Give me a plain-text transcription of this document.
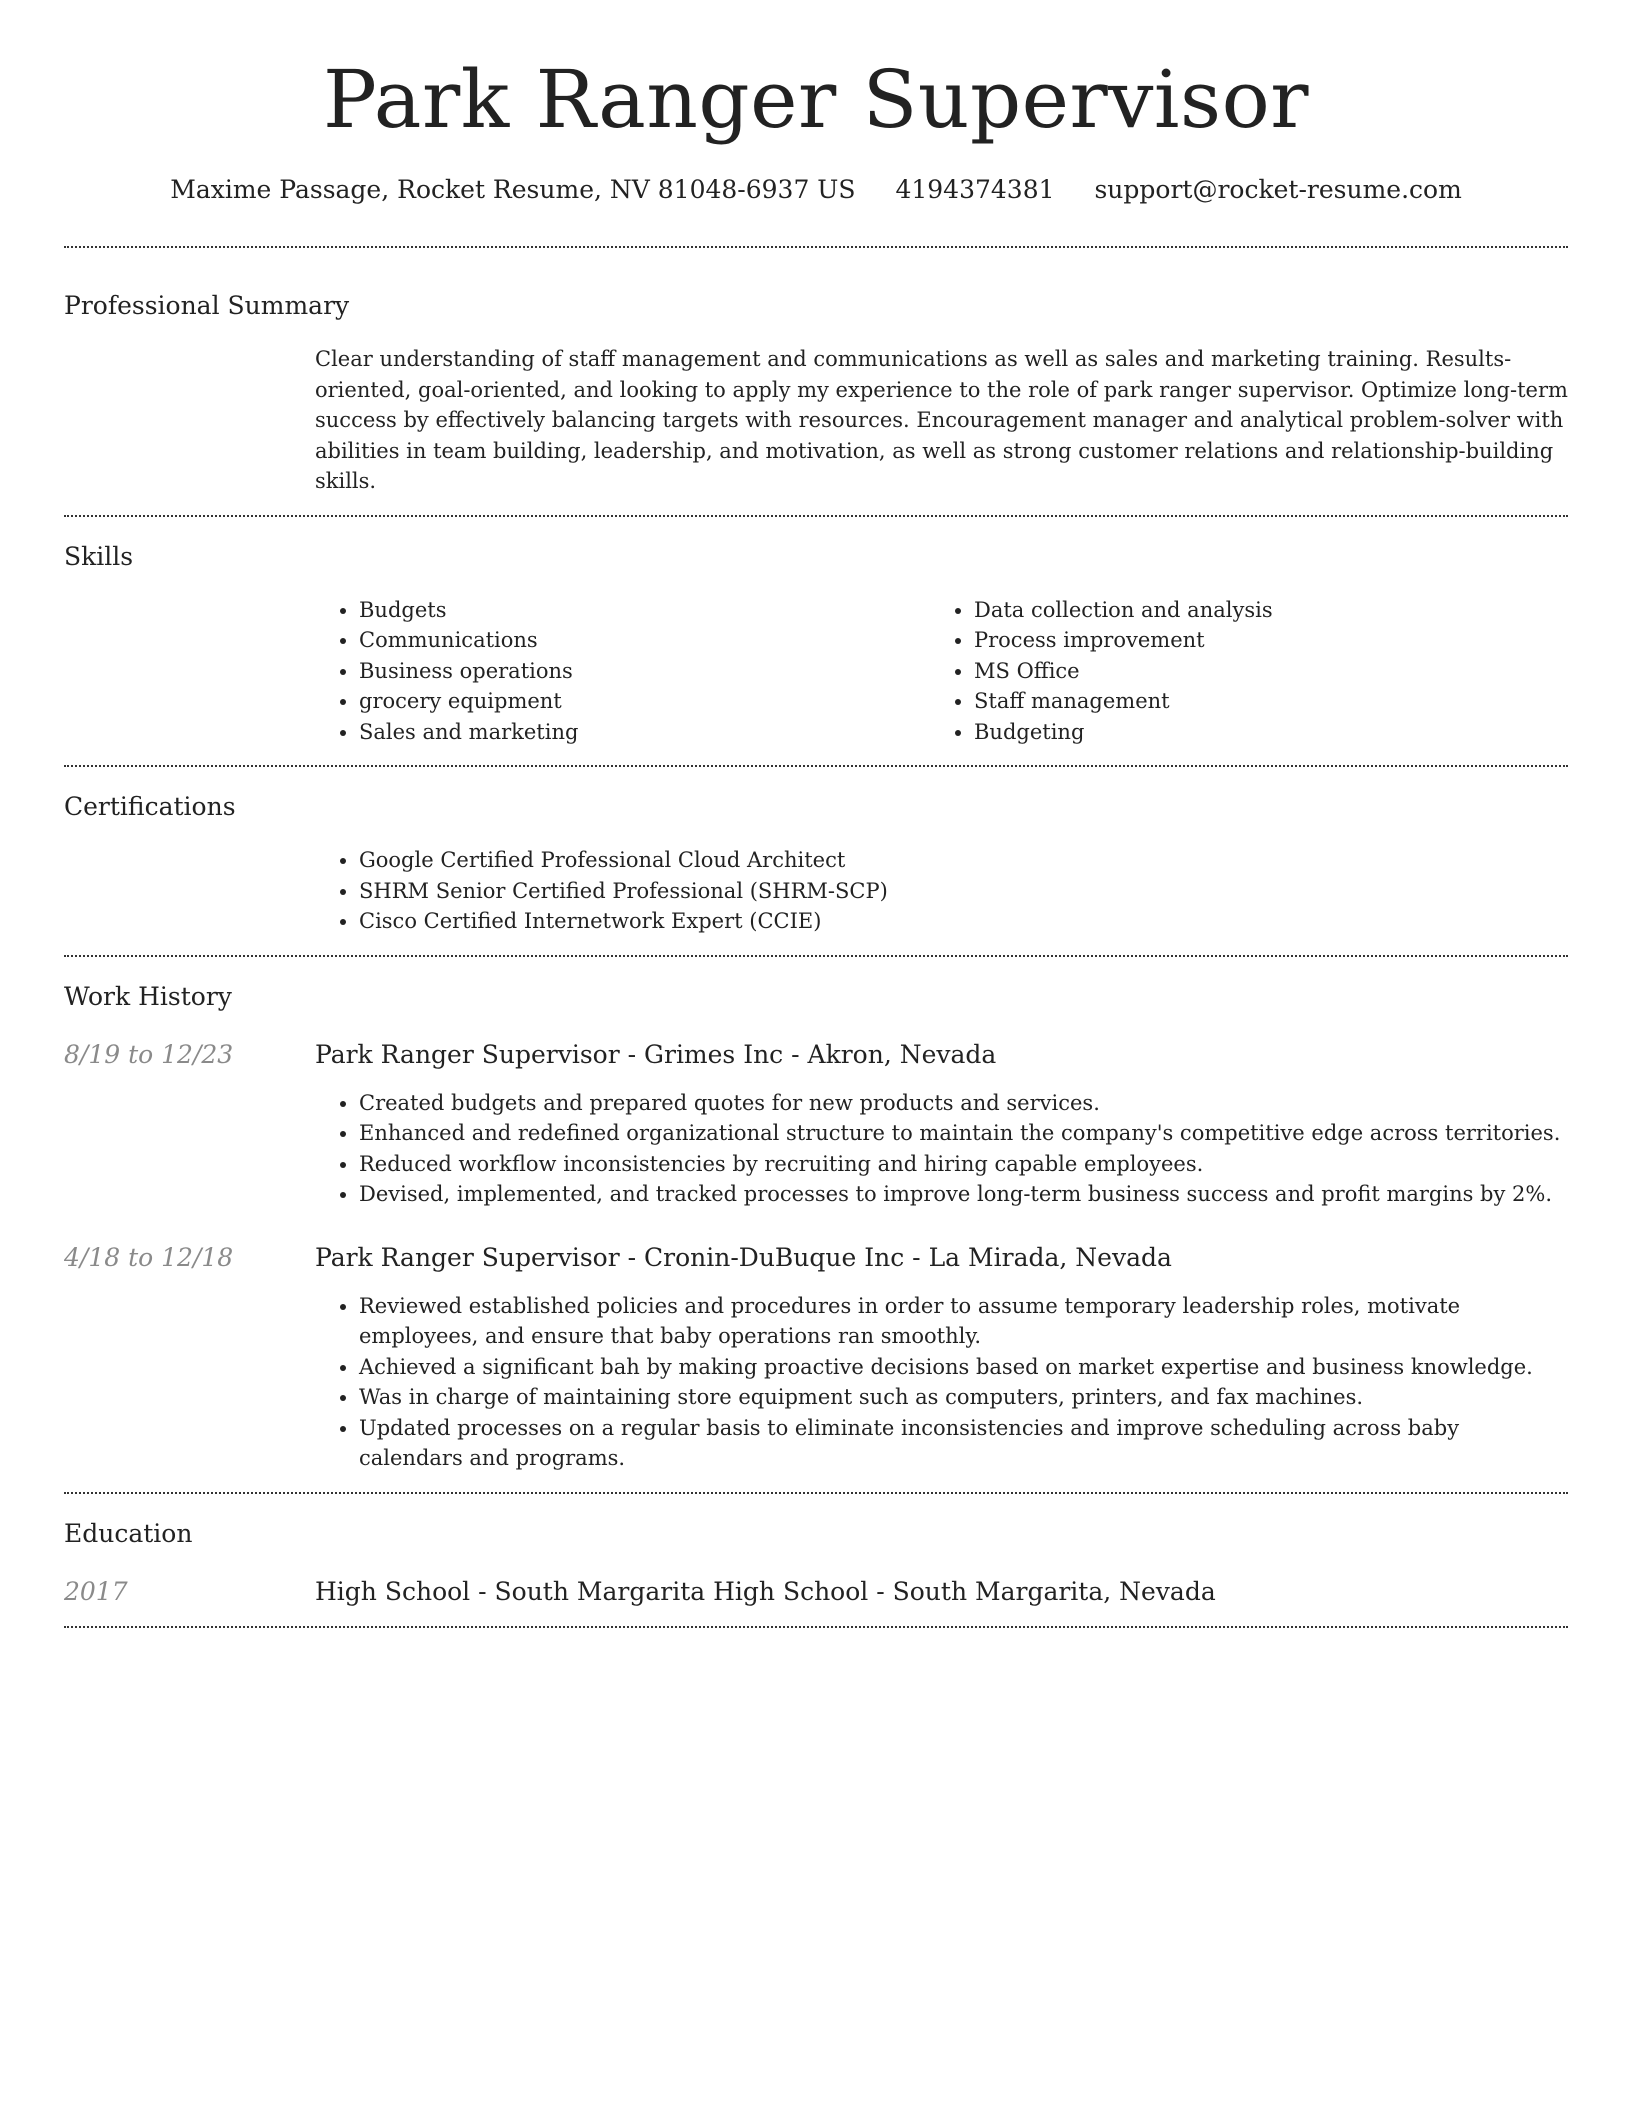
Park Ranger Supervisor
Maxime Passage, Rocket Resume, NV 81048-6937 US 4194374381 support@rocket-resume.com
Professional Summary

Clear understanding of staff management and communications as well as sales and marketing training. Results-oriented, goal-oriented, and looking to apply my experience to the role of park ranger supervisor. Optimize long-term success by effectively balancing targets with resources. Encouragement manager and analytical problem-solver with abilities in team building, leadership, and motivation, as well as strong customer relations and relationship-building skills.

Skills
• Budgets
• Communications
• Business operations
• grocery equipment
• Sales and marketing
• Data collection and analysis
• Process improvement
• MS Office
• Staff management
• Budgeting
Certifications
• Google Certified Professional Cloud Architect
• SHRM Senior Certified Professional (SHRM-SCP)
• Cisco Certified Internetwork Expert (CCIE)
Work History
8/19 to 12/23	Park Ranger Supervisor - Grimes Inc - Akron, Nevada
• Created budgets and prepared quotes for new products and services.
• Enhanced and redefined organizational structure to maintain the company's competitive edge across territories.
• Reduced workflow inconsistencies by recruiting and hiring capable employees.
• Devised, implemented, and tracked processes to improve long-term business success and profit margins by 2%.
4/18 to 12/18	Park Ranger Supervisor - Cronin-DuBuque Inc - La Mirada, Nevada
• Reviewed established policies and procedures in order to assume temporary leadership roles, motivate employees, and ensure that baby operations ran smoothly.
• Achieved a significant bah by making proactive decisions based on market expertise and business knowledge.
• Was in charge of maintaining store equipment such as computers, printers, and fax machines.
• Updated processes on a regular basis to eliminate inconsistencies and improve scheduling across baby calendars and programs.
Education
2017	High School - South Margarita High School - South Margarita, Nevada
